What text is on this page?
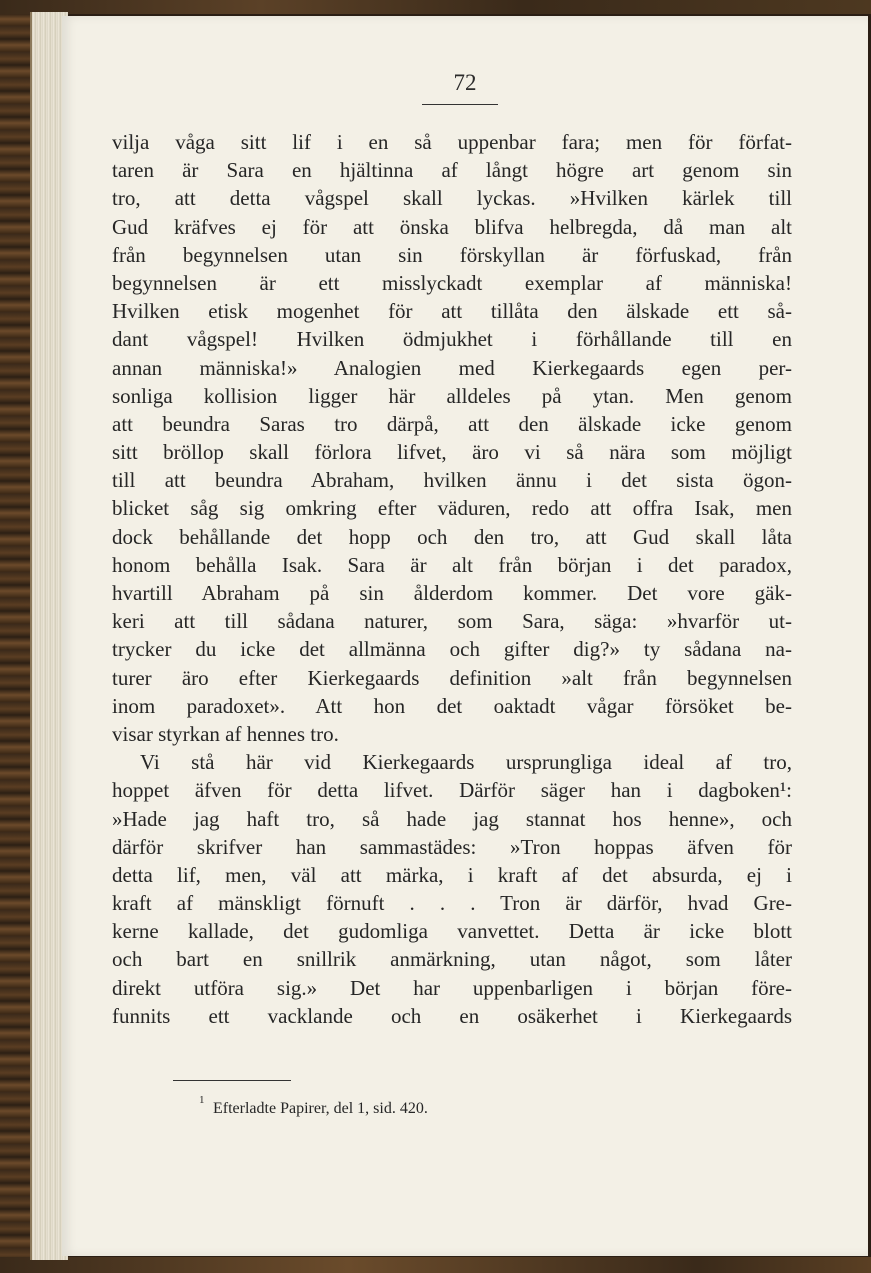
72
vilja våga sitt lif i en så uppenbar fara; men för förfat-
taren är Sara en hjältinna af långt högre art genom sin
tro, att detta vågspel skall lyckas. »Hvilken kärlek till
Gud kräfves ej för att önska blifva helbregda, då man alt
från begynnelsen utan sin förskyllan är förfuskad, från
begynnelsen är ett misslyckadt exemplar af människa!
Hvilken etisk mogenhet för att tillåta den älskade ett så-
dant vågspel! Hvilken ödmjukhet i förhållande till en
annan människa!» Analogien med Kierkegaards egen per-
sonliga kollision ligger här alldeles på ytan. Men genom
att beundra Saras tro därpå, att den älskade icke genom
sitt bröllop skall förlora lifvet, äro vi så nära som möjligt
till att beundra Abraham, hvilken ännu i det sista ögon-
blicket såg sig omkring efter väduren, redo att offra Isak, men
dock behållande det hopp och den tro, att Gud skall låta
honom behålla Isak. Sara är alt från början i det paradox,
hvartill Abraham på sin ålderdom kommer. Det vore gäk-
keri att till sådana naturer, som Sara, säga: »hvarför ut-
trycker du icke det allmänna och gifter dig?» ty sådana na-
turer äro efter Kierkegaards definition »alt från begynnelsen
inom paradoxet». Att hon det oaktadt vågar försöket be-
visar styrkan af hennes tro.
Vi stå här vid Kierkegaards ursprungliga ideal af tro,
hoppet äfven för detta lifvet. Därför säger han i dagboken¹:
»Hade jag haft tro, så hade jag stannat hos henne», och
därför skrifver han sammastädes: »Tron hoppas äfven för
detta lif, men, väl att märka, i kraft af det absurda, ej i
kraft af mänskligt förnuft . . . Tron är därför, hvad Gre-
kerne kallade, det gudomliga vanvettet. Detta är icke blott
och bart en snillrik anmärkning, utan något, som låter
direkt utföra sig.» Det har uppenbarligen i början före-
funnits ett vacklande och en osäkerhet i Kierkegaards
1 Efterladte Papirer, del 1, sid. 420.
